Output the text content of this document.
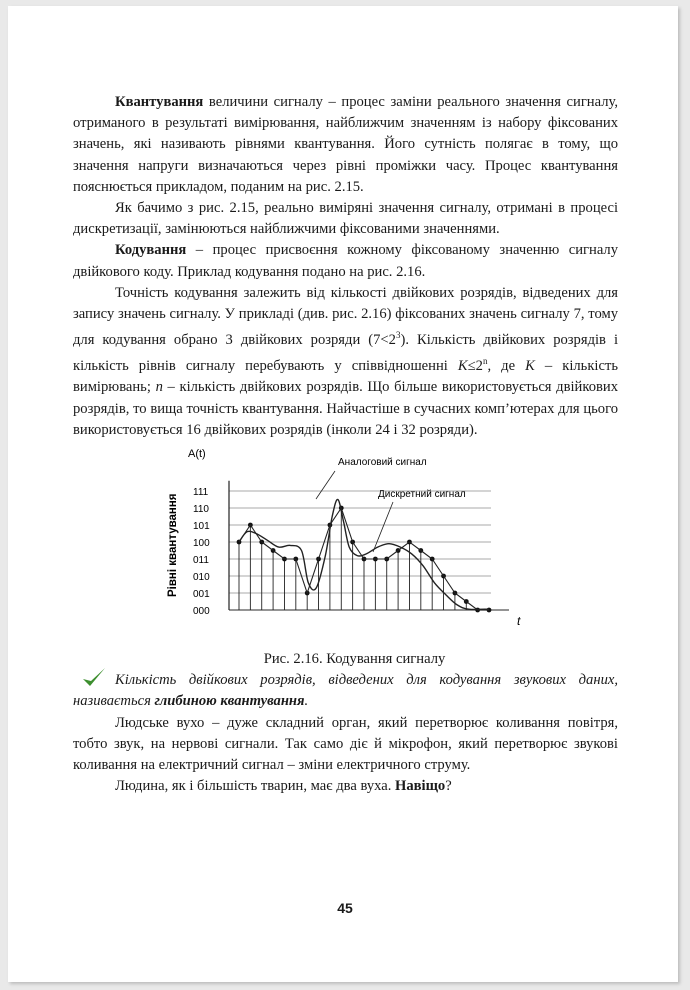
Квантування величини сигналу – процес заміни реального значення сигналу, отриманого в результаті вимірювання, найближчим значенням із набору фіксованих значень, які називають рівнями квантування. Його сутність полягає в тому, що значення напруги визначаються через рівні проміжки часу. Процес квантування пояснюється прикладом, поданим на рис. 2.15.

Як бачимо з рис. 2.15, реально виміряні значення сигналу, отримані в процесі дискретизації, замінюються найближчими фіксованими значеннями.

Кодування – процес присвоєння кожному фіксованому значенню сигналу двійкового коду. Приклад кодування подано на рис. 2.16.

Точність кодування залежить від кількості двійкових розрядів, відведених для запису значень сигналу. У прикладі (див. рис. 2.16) фіксованих значень сигналу 7, тому для кодування обрано 3 двійкових розряди $(7<2^3)$. Кількість двійкових розрядів і кількість рівнів сигналу перебувають у співвідношенні $K\le 2^n$, де K – кількість вимірювань; n – кількість двійкових розрядів. Що більше використовується двійкових розрядів, то вища точність квантування. Найчастіше в сучасних комп’ютерах для цього використовується 16 двійкових розрядів (інколи 24 і 32 розряди).

A(t)
Рівні квантування
t
Аналоговий сигнал
Дискретний сигнал
000
001
010
011
100
101
110
111

Рис. 2.16. Кодування сигналу

Кількість двійкових розрядів, відведених для кодування звукових даних, називається глибиною квантування.

Людське вухо – дуже складний орган, який перетворює коливання повітря, тобто звук, на нервові сигнали. Так само діє й мікрофон, який перетворює звукові коливання на електричний сигнал – зміни електричного струму.

Людина, як і більшість тварин, має два вуха. Навіщо?

45
